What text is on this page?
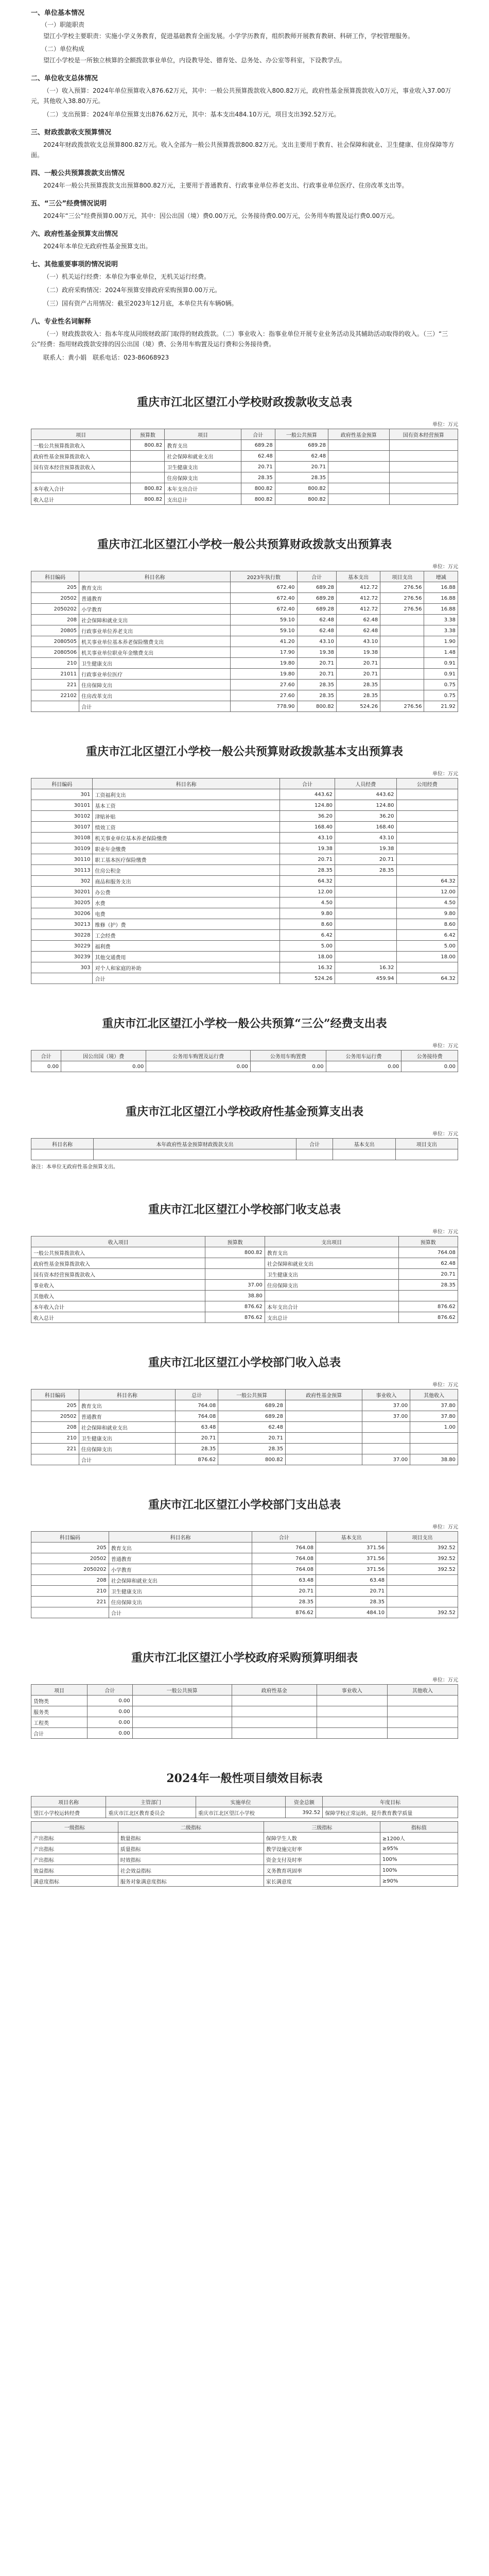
一、单位基本情况
（一）职能职责

望江小学校主要职责：实施小学义务教育，促进基础教育全面发展。小学学历教育，组织教师开展教育教研、科研工作，学校管理服务。

（二）单位构成

望江小学校是一所独立核算的全额拨款事业单位，内设教导处、德育处、总务处、办公室等科室，下设教学点。

二、单位收支总体情况

（一）收入预算：2024年单位预算收入876.62万元，其中：一般公共预算拨款收入800.82万元，政府性基金预算拨款收入0万元，事业收入37.00万元，其他收入38.80万元。

（二）支出预算：2024年单位预算支出876.62万元，其中：基本支出484.10万元，项目支出392.52万元。

三、财政拨款收支预算情况

2024年财政拨款收支总预算800.82万元。收入全部为一般公共预算拨款800.82万元。支出主要用于教育、社会保障和就业、卫生健康、住房保障等方面。

四、一般公共预算拨款支出情况

2024年一般公共预算拨款支出预算800.82万元，主要用于普通教育、行政事业单位养老支出、行政事业单位医疗、住房改革支出等。

五、“三公”经费情况说明

2024年“三公”经费预算0.00万元，其中：因公出国（境）费0.00万元，公务接待费0.00万元，公务用车购置及运行费0.00万元。

六、政府性基金预算支出情况

2024年本单位无政府性基金预算支出。

七、其他重要事项的情况说明

（一）机关运行经费：本单位为事业单位，无机关运行经费。

（二）政府采购情况：2024年预算安排政府采购预算0.00万元。

（三）国有资产占用情况：截至2023年12月底，本单位共有车辆0辆。

八、专业性名词解释

（一）财政拨款收入：指本年度从同级财政部门取得的财政拨款。（二）事业收入：指事业单位开展专业业务活动及其辅助活动取得的收入。（三）“三公”经费：指用财政拨款安排的因公出国（境）费、公务用车购置及运行费和公务接待费。

联系人：黄小娟　联系电话：023-86068923

重庆市江北区望江小学校财政拨款收支总表
单位：万元
项目	预算数	项目	合计	一般公共预算	政府性基金预算	国有资本经营预算
一般公共预算拨款收入	800.82	教育支出	689.28	689.28		
政府性基金预算拨款收入		社会保障和就业支出	62.48	62.48		
国有资本经营预算拨款收入		卫生健康支出	20.71	20.71		
		住房保障支出	28.35	28.35		
本年收入合计	800.82	本年支出合计	800.82	800.82		
收入总计	800.82	支出总计	800.82	800.82		
重庆市江北区望江小学校一般公共预算财政拨款支出预算表
单位：万元
科目编码	科目名称	2023年执行数	合计	基本支出	项目支出	增减
205	教育支出	672.40	689.28	412.72	276.56	16.88
20502	普通教育	672.40	689.28	412.72	276.56	16.88
2050202	小学教育	672.40	689.28	412.72	276.56	16.88
208	社会保障和就业支出	59.10	62.48	62.48		3.38
20805	行政事业单位养老支出	59.10	62.48	62.48		3.38
2080505	机关事业单位基本养老保险缴费支出	41.20	43.10	43.10		1.90
2080506	机关事业单位职业年金缴费支出	17.90	19.38	19.38		1.48
210	卫生健康支出	19.80	20.71	20.71		0.91
21011	行政事业单位医疗	19.80	20.71	20.71		0.91
221	住房保障支出	27.60	28.35	28.35		0.75
22102	住房改革支出	27.60	28.35	28.35		0.75
	合计	778.90	800.82	524.26	276.56	21.92
重庆市江北区望江小学校一般公共预算财政拨款基本支出预算表
单位：万元
科目编码	科目名称	合计	人员经费	公用经费
301	工资福利支出	443.62	443.62	
30101	基本工资	124.80	124.80	
30102	津贴补贴	36.20	36.20	
30107	绩效工资	168.40	168.40	
30108	机关事业单位基本养老保险缴费	43.10	43.10	
30109	职业年金缴费	19.38	19.38	
30110	职工基本医疗保险缴费	20.71	20.71	
30113	住房公积金	28.35	28.35	
302	商品和服务支出	64.32		64.32
30201	办公费	12.00		12.00
30205	水费	4.50		4.50
30206	电费	9.80		9.80
30213	维修（护）费	8.60		8.60
30228	工会经费	6.42		6.42
30229	福利费	5.00		5.00
30239	其他交通费用	18.00		18.00
303	对个人和家庭的补助	16.32	16.32	
	合计	524.26	459.94	64.32
重庆市江北区望江小学校一般公共预算“三公”经费支出表
单位：万元
合计	因公出国（境）费	公务用车购置及运行费	公务用车购置费	公务用车运行费	公务接待费
0.00	0.00	0.00	0.00	0.00	0.00
重庆市江北区望江小学校政府性基金预算支出表
单位：万元
科目名称	本年政府性基金预算财政拨款支出	合计	基本支出	项目支出

备注：本单位无政府性基金预算支出。

重庆市江北区望江小学校部门收支总表
单位：万元
收入项目	预算数	支出项目	预算数
一般公共预算拨款收入	800.82	教育支出	764.08
政府性基金预算拨款收入		社会保障和就业支出	62.48
国有资本经营预算拨款收入		卫生健康支出	20.71
事业收入	37.00	住房保障支出	28.35
其他收入	38.80		
本年收入合计	876.62	本年支出合计	876.62
收入总计	876.62	支出总计	876.62
重庆市江北区望江小学校部门收入总表
单位：万元
科目编码	科目名称	总计	一般公共预算	政府性基金预算	事业收入	其他收入
205	教育支出	764.08	689.28		37.00	37.80
20502	普通教育	764.08	689.28		37.00	37.80
208	社会保障和就业支出	63.48	62.48			1.00
210	卫生健康支出	20.71	20.71			
221	住房保障支出	28.35	28.35			
	合计	876.62	800.82		37.00	38.80
重庆市江北区望江小学校部门支出总表
单位：万元
科目编码	科目名称	合计	基本支出	项目支出
205	教育支出	764.08	371.56	392.52
20502	普通教育	764.08	371.56	392.52
2050202	小学教育	764.08	371.56	392.52
208	社会保障和就业支出	63.48	63.48	
210	卫生健康支出	20.71	20.71	
221	住房保障支出	28.35	28.35	
	合计	876.62	484.10	392.52
重庆市江北区望江小学校政府采购预算明细表
单位：万元
项目	合计	一般公共预算	政府性基金	事业收入	其他收入
货物类	0.00				
服务类	0.00				
工程类	0.00				
合计	0.00				
2024年一般性项目绩效目标表
项目名称	主管部门	实施单位	资金总额	年度目标
望江小学校运转经费	重庆市江北区教育委员会	重庆市江北区望江小学校	392.52	保障学校正常运转，提升教育教学质量
一级指标	二级指标	三级指标	指标值
产出指标	数量指标	保障学生人数	≥1200人
产出指标	质量指标	教学设施完好率	≥95%
产出指标	时效指标	资金支付及时率	100%
效益指标	社会效益指标	义务教育巩固率	100%
满意度指标	服务对象满意度指标	家长满意度	≥90%
